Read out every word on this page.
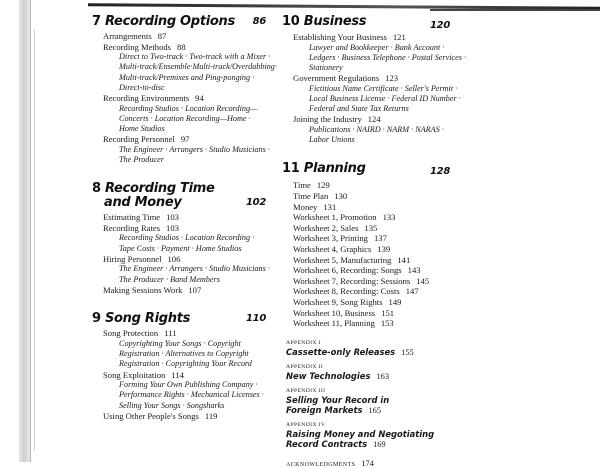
7 Recording Options 86
Arrangements 87
Recording Methods 88
Direct to Two-track · Two-track with a Mixer ·
Multi-track/Ensemble·Multi-track/Overdubbing·
Multi-track/Premixes and Ping-ponging ·
Direct-to-disc
Recording Environments 94
Recording Studios · Location Recording—
Concerts · Location Recording—Home ·
Home Studios
Recording Personnel 97
The Engineer · Arrangers · Studio Musicians ·
The Producer
8 Recording Time
and Money	102
Estimating Time 103
Recording Rates 103
Recording Studios · Location Recording ·
Tape Costs · Payment · Home Studios
Hiring Personnel 106
The Engineer · Arrangers · Studio Musicians ·
The Producer · Band Members
Making Sessions Work 107
9 Song Rights	110
Song Protection 111
Copyrighting Your Songs · Copyright
Registration · Alternatives to Copyright
Registration · Copyrighting Your Record
Song Exploitation 114
Forming Your Own Publishing Company ·
Performance Rights · Mechanical Licenses ·
Selling Your Songs · Songsharks
Using Other People's Songs 119
10 Business	120
Establishing Your Business 121
Lawyer and Bookkeeper · Bank Account ·
Ledgers · Business Telephone · Postal Services ·
Stationery
Government Regulations 123
Fictitious Name Certificate · Seller's Permit ·
Local Business License · Federal ID Number ·
Federal and State Tax Returns
Joining the Industry 124
Publications · NAIRD · NARM · NARAS ·
Labor Unions
11 Planning	128
Time 129
Time Plan 130
Money 131
Worksheet 1, Promotion 133
Worksheet 2, Sales 135
Worksheet 3, Printing 137
Worksheet 4, Graphics 139
Worksheet 5, Manufacturing 141
Worksheet 6, Recording: Songs 143
Worksheet 7, Recording: Sessions 145
Worksheet 8, Recording: Costs 147
Worksheet 9, Song Rights 149
Worksheet 10, Business 151
Worksheet 11, Planning 153
APPENDIX I
Cassette-only Releases 155
APPENDIX II
New Technologies 163
APPENDIX III
Selling Your Record in
Foreign Markets 165
APPENDIX IV
Raising Money and Negotiating
Record Contracts 169
ACKNOWLEDGMENTS 174
